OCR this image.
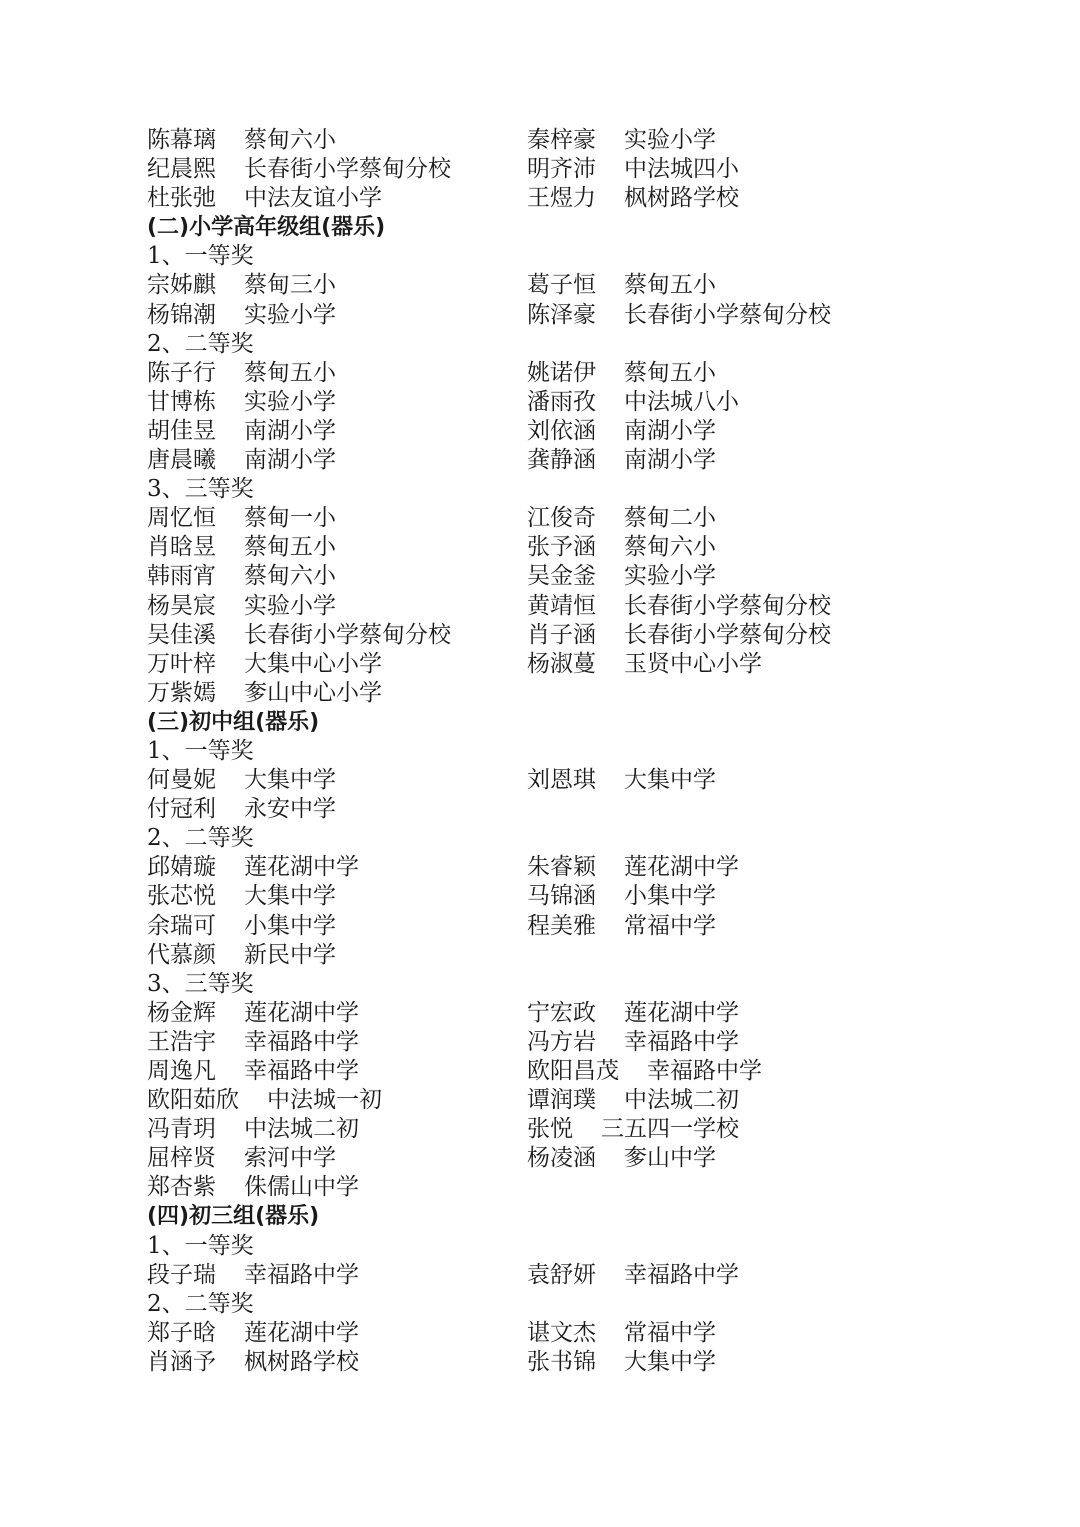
陈幕璃 蔡甸六小	秦梓豪 实验小学
纪晨熙 长春街小学蔡甸分校	明齐沛 中法城四小
杜张弛 中法友谊小学	王煜力 枫树路学校
(二)小学高年级组(器乐)
1、一等奖
宗姊麒 蔡甸三小	葛子恒 蔡甸五小
杨锦潮 实验小学	陈泽豪 长春街小学蔡甸分校
2、二等奖
陈子行 蔡甸五小	姚诺伊 蔡甸五小
甘博栋 实验小学	潘雨孜 中法城八小
胡佳昱 南湖小学	刘依涵 南湖小学
唐晨曦 南湖小学	龚静涵 南湖小学
3、三等奖
周忆恒 蔡甸一小	江俊奇 蔡甸二小
肖晗昱 蔡甸五小	张予涵 蔡甸六小
韩雨宵 蔡甸六小	吴金釜 实验小学
杨昊宸 实验小学	黄靖恒 长春街小学蔡甸分校
吴佳溪 长春街小学蔡甸分校	肖子涵 长春街小学蔡甸分校
万叶梓 大集中心小学	杨淑蔓 玉贤中心小学
万紫嫣 奓山中心小学
(三)初中组(器乐)
1、一等奖
何曼妮 大集中学	刘恩琪 大集中学
付冠利 永安中学
2、二等奖
邱婧璇 莲花湖中学	朱睿颖 莲花湖中学
张芯悦 大集中学	马锦涵 小集中学
余瑞可 小集中学	程美雅 常福中学
代慕颜 新民中学
3、三等奖
杨金辉 莲花湖中学	宁宏政 莲花湖中学
王浩宇 幸福路中学	冯方岩 幸福路中学
周逸凡 幸福路中学	欧阳昌茂 幸福路中学
欧阳茹欣 中法城一初	谭润璞 中法城二初
冯青玥 中法城二初	张悦 三五四一学校
屈梓贤 索河中学	杨凌涵 奓山中学
郑杏紫 侏儒山中学
(四)初三组(器乐)
1、一等奖
段子瑞 幸福路中学	袁舒妍 幸福路中学
2、二等奖
郑子晗 莲花湖中学	谌文杰 常福中学
肖涵予 枫树路学校	张书锦 大集中学
